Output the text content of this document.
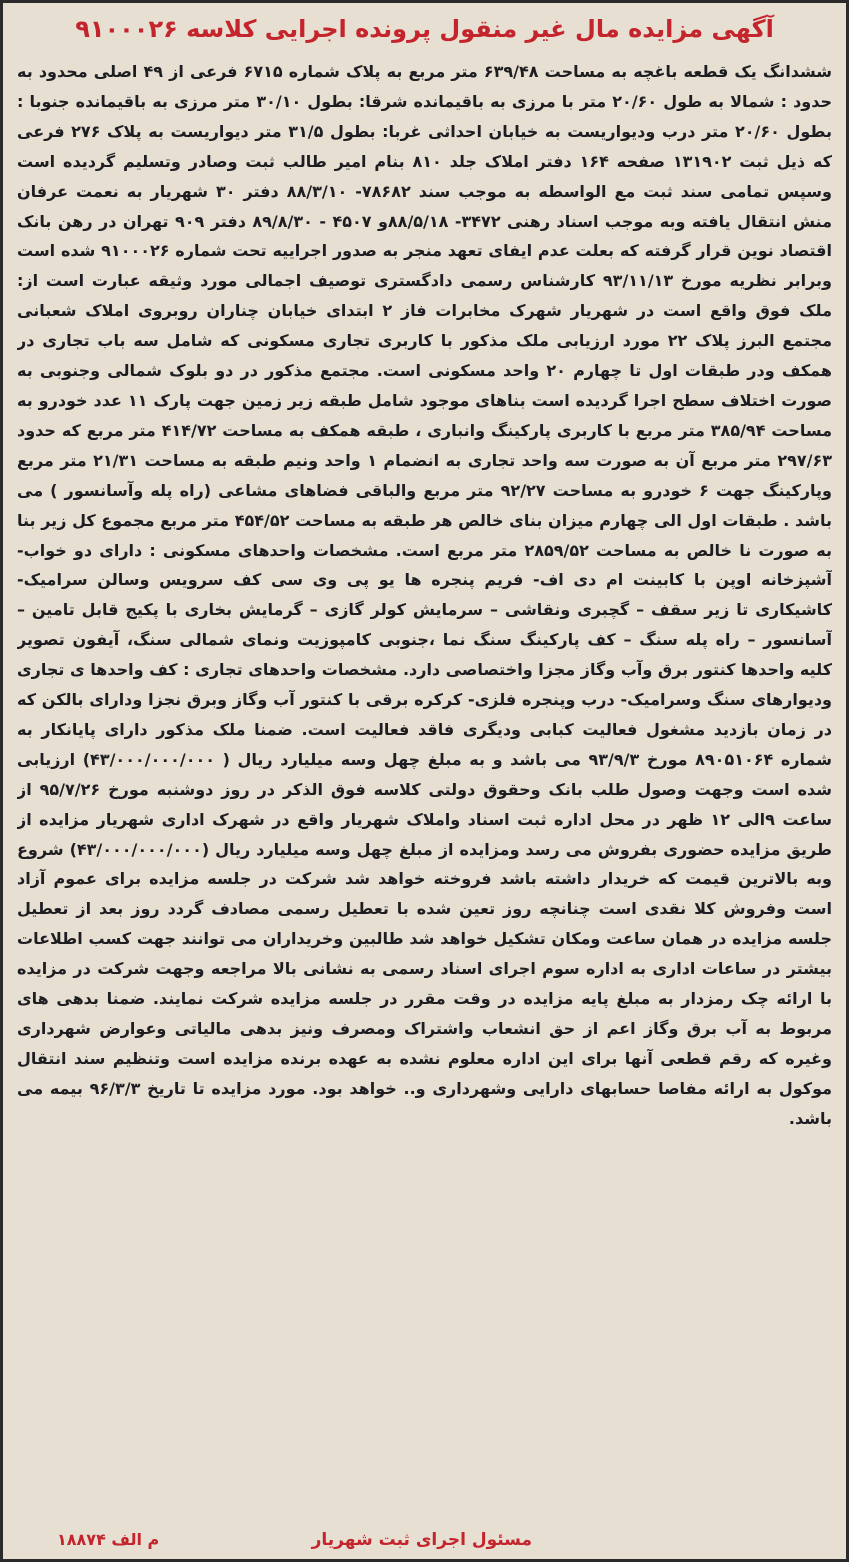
آگهی مزایده مال غیر منقول پرونده اجرایی کلاسه ۹۱۰۰۰۲۶
ششدانگ یک قطعه باغچه به مساحت ۶۳۹/۴۸ متر مربع به پلاک شماره ۶۷۱۵ فرعی از ۴۹ اصلی محدود به حدود : شمالا به طول ۲۰/۶۰ متر با مرزی به باقیمانده شرقا: بطول ۳۰/۱۰ متر مرزی به باقیمانده جنوبا : بطول ۲۰/۶۰ متر درب ودیواریست به خیابان احداثی غربا: بطول ۳۱/۵ متر دیواریست به پلاک ۲۷۶ فرعی که ذیل ثبت ۱۳۱۹۰۲ صفحه ۱۶۴ دفتر املاک جلد ۸۱۰ بنام امیر طالب ثبت وصادر وتسلیم گردیده است وسپس تمامی سند ثبت مع الواسطه به موجب سند ۷۸۶۸۲- ۸۸/۳/۱۰ دفتر ۳۰ شهریار به نعمت عرفان منش انتقال یافته وبه موجب اسناد رهنی ۳۴۷۲- ۸۸/۵/۱۸و ۴۵۰۷ - ۸۹/۸/۳۰ دفتر ۹۰۹ تهران در رهن بانک اقتصاد نوین قرار گرفته که بعلت عدم ایفای تعهد منجر به صدور اجراییه تحت شماره ۹۱۰۰۰۲۶ شده است وبرابر نظریه مورخ ۹۳/۱۱/۱۳ کارشناس رسمی دادگستری توصیف اجمالی مورد وثیقه عبارت است از: ملک فوق واقع است در شهریار شهرک مخابرات فاز ۲ ابتدای خیابان چناران روبروی املاک شعبانی مجتمع البرز پلاک ۲۲ مورد ارزیابی ملک مذکور با کاربری تجاری مسکونی که شامل سه باب تجاری در همکف ودر طبقات اول تا چهارم ۲۰ واحد مسکونی است. مجتمع مذکور در دو بلوک شمالی وجنوبی به صورت اختلاف سطح اجرا گردیده است بناهای موجود شامل طبقه زیر زمین جهت پارک ۱۱ عدد خودرو به مساحت ۳۸۵/۹۴ متر مربع با کاربری پارکینگ وانباری ، طبقه همکف به مساحت ۴۱۴/۷۲ متر مربع که حدود ۲۹۷/۶۳ متر مربع آن به صورت سه واحد تجاری به انضمام ۱ واحد ونیم طبقه به مساحت ۲۱/۳۱ متر مربع وپارکینگ جهت ۶ خودرو به مساحت ۹۲/۲۷ متر مربع والباقی فضاهای مشاعی (راه پله وآسانسور ) می باشد . طبقات اول الی چهارم میزان بنای خالص هر طبقه به مساحت ۴۵۴/۵۲ متر مربع مجموع کل زیر بنا به صورت نا خالص به مساحت ۲۸۵۹/۵۲ متر مربع است. مشخصات واحدهای مسکونی : دارای دو خواب- آشپزخانه اوپن با کابینت ام دی اف- فریم پنجره ها یو پی وی سی کف سرویس وسالن سرامیک- کاشیکاری تا زیر سقف – گچبری ونقاشی – سرمایش کولر گازی – گرمایش بخاری با پکیج قابل تامین – آسانسور – راه پله سنگ – کف پارکینگ سنگ نما ،جنوبی کامپوزیت ونمای شمالی سنگ، آیفون تصویر کلیه واحدها کنتور برق وآب وگاز مجزا واختصاصی دارد. مشخصات واحدهای تجاری : کف واحدها ی تجاری ودیوارهای سنگ وسرامیک- درب وپنجره فلزی- کرکره برقی با کنتور آب وگاز وبرق نجزا ودارای بالکن که در زمان بازدید مشغول فعالیت کبابی ودیگری فاقد فعالیت است. ضمنا ملک مذکور دارای پایانکار به شماره ۸۹۰۵۱۰۶۴ مورخ ۹۳/۹/۳ می باشد و به مبلغ چهل وسه میلیارد ریال ( ۴۳/۰۰۰/۰۰۰/۰۰۰) ارزیابی شده است وجهت وصول طلب بانک وحقوق دولتی کلاسه فوق الذکر در روز دوشنبه مورخ ۹۵/۷/۲۶ از ساعت ۹الی ۱۲ ظهر در محل اداره ثبت اسناد واملاک شهریار واقع در شهرک اداری شهریار مزایده از طریق مزایده حضوری بفروش می رسد ومزایده از مبلغ چهل وسه میلیارد ریال (۴۳/۰۰۰/۰۰۰/۰۰۰) شروع وبه بالاترین قیمت که خریدار داشته باشد فروخته خواهد شد شرکت در جلسه مزایده برای عموم آزاد است وفروش کلا نقدی است چنانچه روز تعین شده با تعطیل رسمی مصادف گردد روز بعد از تعطیل جلسه مزایده در همان ساعت ومکان تشکیل خواهد شد طالبین وخریداران می توانند جهت کسب اطلاعات بیشتر در ساعات اداری به اداره سوم اجرای اسناد رسمی به نشانی بالا مراجعه وجهت شرکت در مزایده با ارائه چک رمزدار به مبلغ پایه مزایده در وقت مقرر در جلسه مزایده شرکت نمایند. ضمنا بدهی های مربوط به آب برق وگاز اعم از حق انشعاب واشتراک ومصرف ونیز بدهی مالیاتی وعوارض شهرداری وغیره که رقم قطعی آنها برای این اداره معلوم نشده به عهده برنده مزایده است وتنظیم سند انتقال موکول به ارائه مفاصا حسابهای دارایی وشهرداری و.. خواهد بود. مورد مزایده تا تاریخ ۹۶/۳/۳ بیمه می باشد.
مسئول اجرای ثبت شهریار
م الف ۱۸۸۷۴
